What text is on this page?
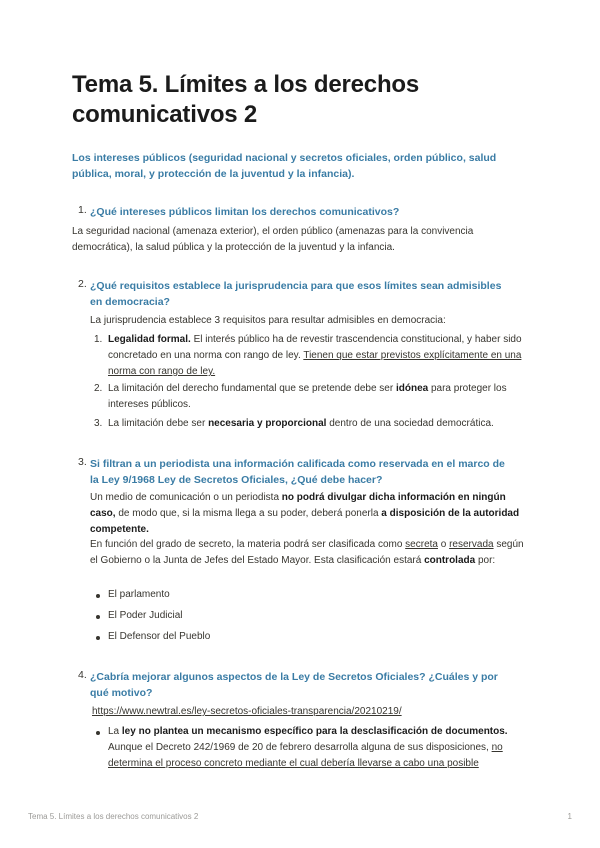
Tema 5. Límites a los derechos comunicativos 2

Los intereses públicos (seguridad nacional y secretos oficiales, orden público, salud pública, moral, y protección de la juventud y la infancia).

1. ¿Qué intereses públicos limitan los derechos comunicativos?
La seguridad nacional (amenaza exterior), el orden público (amenazas para la convivencia democrática), la salud pública y la protección de la juventud y la infancia.
2. ¿Qué requisitos establece la jurisprudencia para que esos límites sean admisibles en democracia?
La jurisprudencia establece 3 requisitos para resultar admisibles en democracia:
1. Legalidad formal. El interés público ha de revestir trascendencia constitucional, y haber sido concretado en una norma con rango de ley. Tienen que estar previstos explícitamente en una norma con rango de ley.
2. La limitación del derecho fundamental que se pretende debe ser idónea para proteger los intereses públicos.
3. La limitación debe ser necesaria y proporcional dentro de una sociedad democrática.
3. Si filtran a un periodista una información calificada como reservada en el marco de la Ley 9/1968 Ley de Secretos Oficiales, ¿Qué debe hacer?
Un medio de comunicación o un periodista no podrá divulgar dicha información en ningún caso, de modo que, si la misma llega a su poder, deberá ponerla a disposición de la autoridad competente.
En función del grado de secreto, la materia podrá ser clasificada como secreta o reservada según el Gobierno o la Junta de Jefes del Estado Mayor. Esta clasificación estará controlada por:
El parlamento
El Poder Judicial
El Defensor del Pueblo
4. ¿Cabría mejorar algunos aspectos de la Ley de Secretos Oficiales? ¿Cuáles y por qué motivo?
https://www.newtral.es/ley-secretos-oficiales-transparencia/20210219/
La ley no plantea un mecanismo específico para la desclasificación de documentos. Aunque el Decreto 242/1969 de 20 de febrero desarrolla alguna de sus disposiciones, no determina el proceso concreto mediante el cual debería llevarse a cabo una posible
Tema 5. Límites a los derechos comunicativos 2	1
